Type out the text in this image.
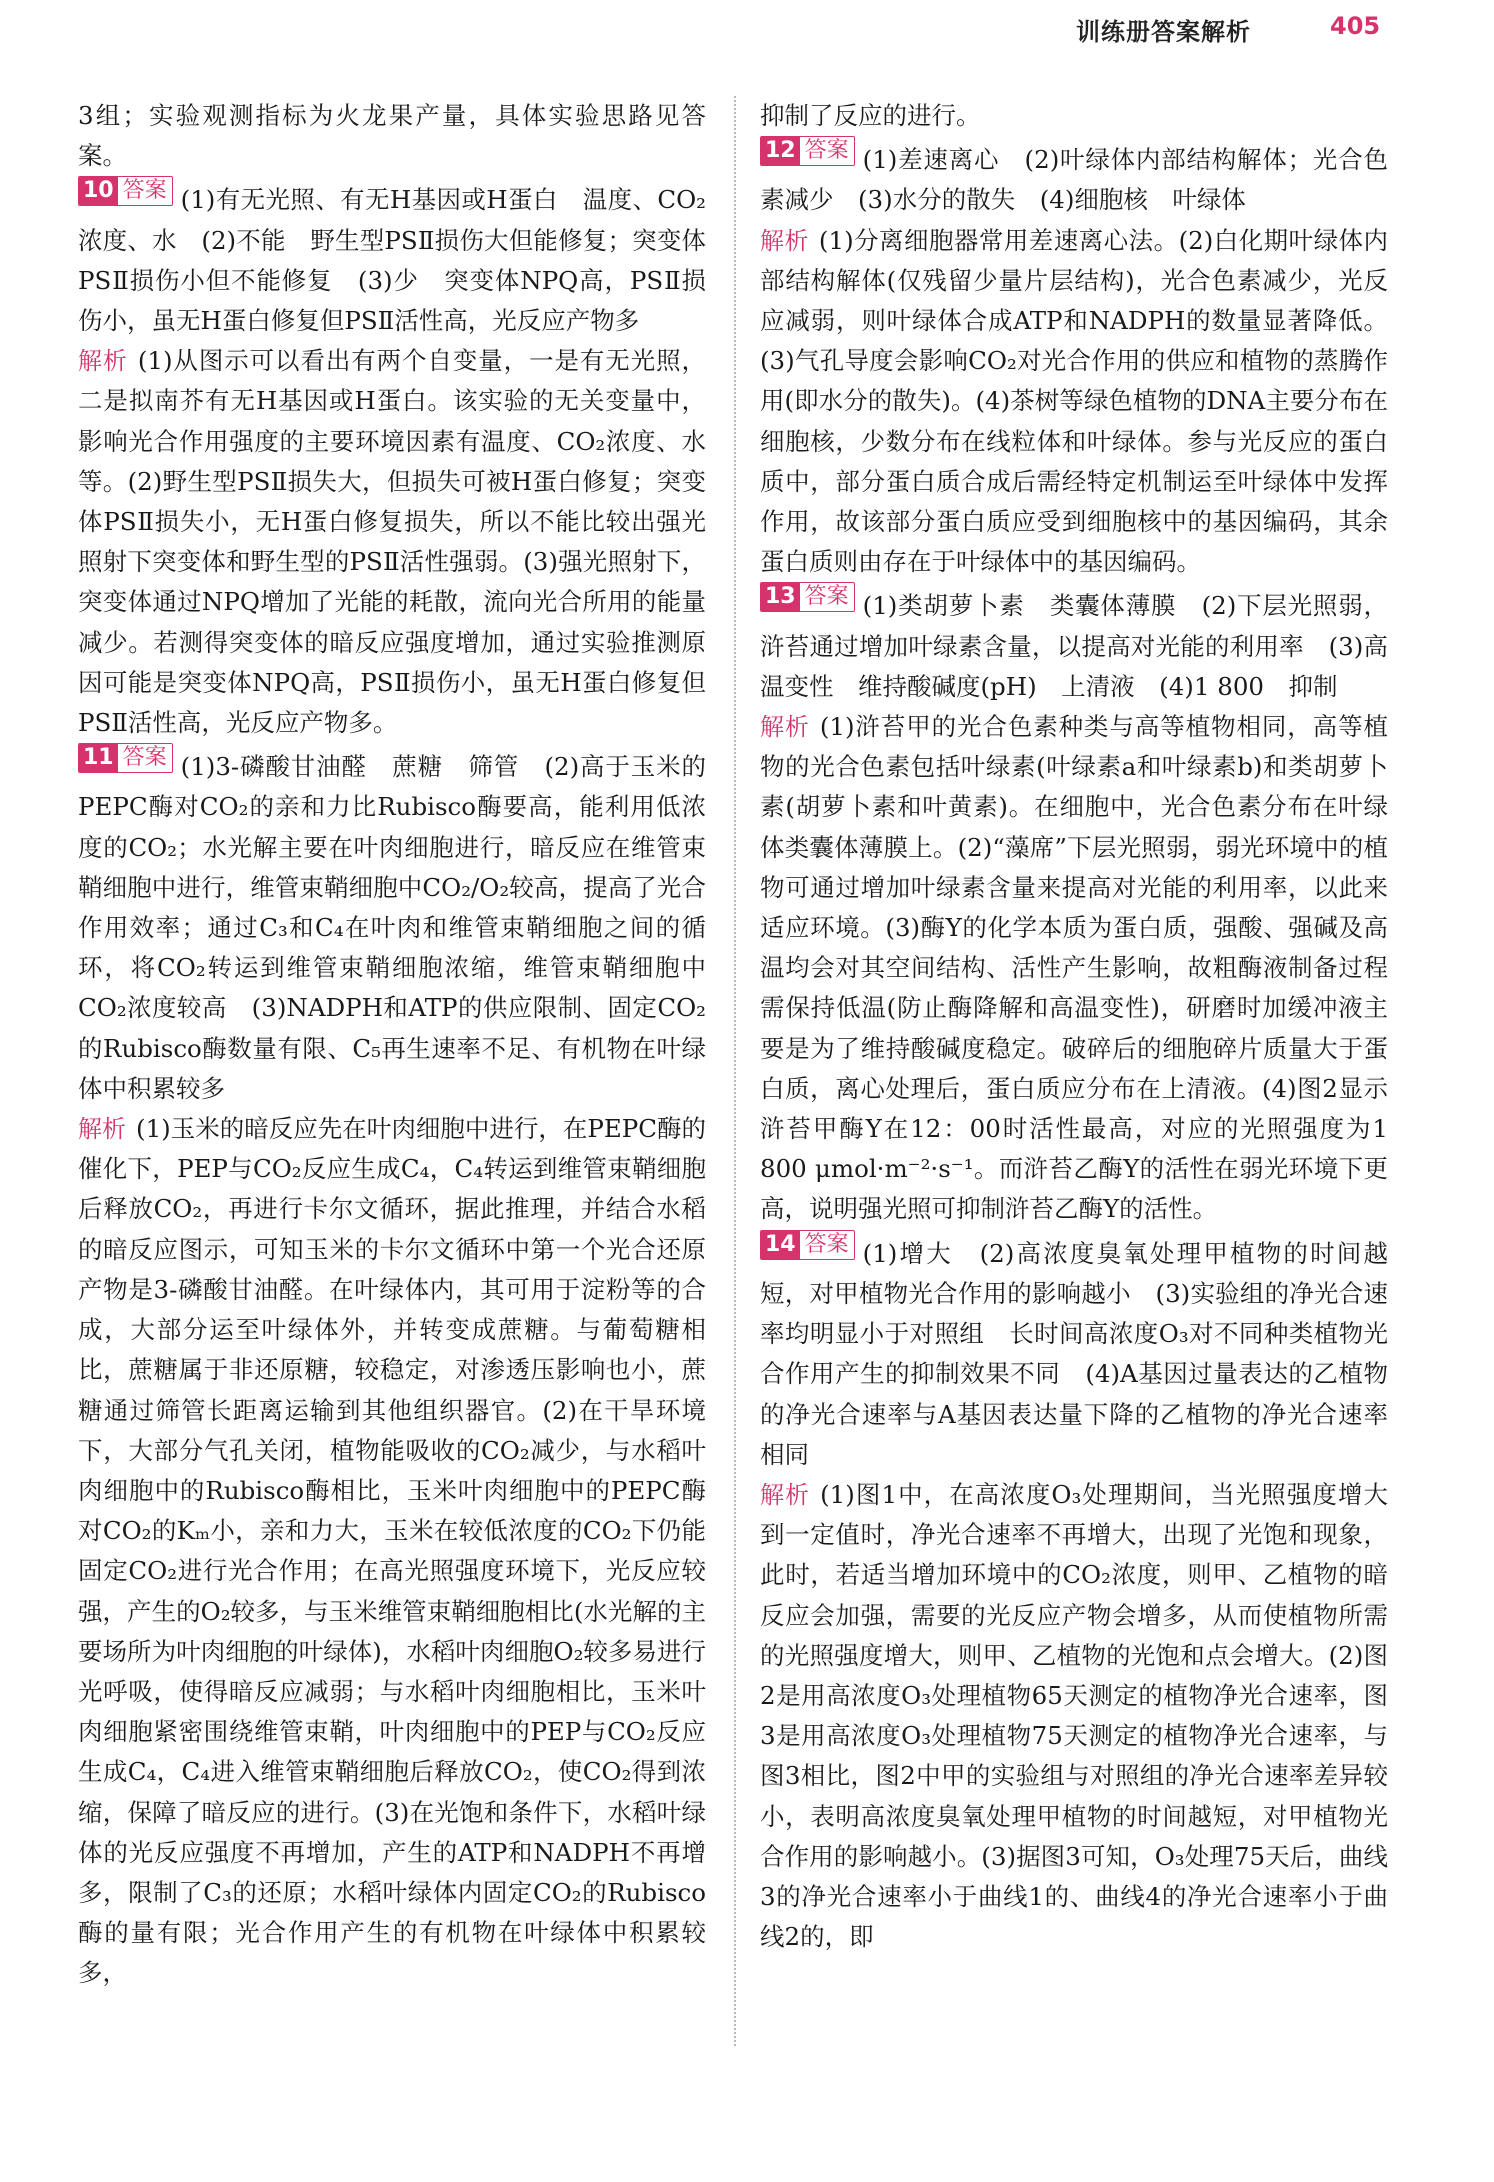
训练册答案解析	405

3组；实验观测指标为火龙果产量，具体实验思路见答案。

10 答案 (1)有无光照、有无H基因或H蛋白　温度、CO₂浓度、水　(2)不能　野生型PSⅡ损伤大但能修复；突变体PSⅡ损伤小但不能修复　(3)少　突变体NPQ高，PSⅡ损伤小，虽无H蛋白修复但PSⅡ活性高，光反应产物多

解析 (1)从图示可以看出有两个自变量，一是有无光照，二是拟南芥有无H基因或H蛋白。该实验的无关变量中，影响光合作用强度的主要环境因素有温度、CO₂浓度、水等。(2)野生型PSⅡ损失大，但损失可被H蛋白修复；突变体PSⅡ损失小，无H蛋白修复损失，所以不能比较出强光照射下突变体和野生型的PSⅡ活性强弱。(3)强光照射下，突变体通过NPQ增加了光能的耗散，流向光合所用的能量减少。若测得突变体的暗反应强度增加，通过实验推测原因可能是突变体NPQ高，PSⅡ损伤小，虽无H蛋白修复但PSⅡ活性高，光反应产物多。

11 答案 (1)3-磷酸甘油醛　蔗糖　筛管　(2)高于玉米的PEPC酶对CO₂的亲和力比Rubisco酶要高，能利用低浓度的CO₂；水光解主要在叶肉细胞进行，暗反应在维管束鞘细胞中进行，维管束鞘细胞中CO₂/O₂较高，提高了光合作用效率；通过C₃和C₄在叶肉和维管束鞘细胞之间的循环，将CO₂转运到维管束鞘细胞浓缩，维管束鞘细胞中CO₂浓度较高　(3)NADPH和ATP的供应限制、固定CO₂的Rubisco酶数量有限、C₅再生速率不足、有机物在叶绿体中积累较多

解析 (1)玉米的暗反应先在叶肉细胞中进行，在PEPC酶的催化下，PEP与CO₂反应生成C₄，C₄转运到维管束鞘细胞后释放CO₂，再进行卡尔文循环，据此推理，并结合水稻的暗反应图示，可知玉米的卡尔文循环中第一个光合还原产物是3-磷酸甘油醛。在叶绿体内，其可用于淀粉等的合成，大部分运至叶绿体外，并转变成蔗糖。与葡萄糖相比，蔗糖属于非还原糖，较稳定，对渗透压影响也小，蔗糖通过筛管长距离运输到其他组织器官。(2)在干旱环境下，大部分气孔关闭，植物能吸收的CO₂减少，与水稻叶肉细胞中的Rubisco酶相比，玉米叶肉细胞中的PEPC酶对CO₂的Kₘ小，亲和力大，玉米在较低浓度的CO₂下仍能固定CO₂进行光合作用；在高光照强度环境下，光反应较强，产生的O₂较多，与玉米维管束鞘细胞相比(水光解的主要场所为叶肉细胞的叶绿体)，水稻叶肉细胞O₂较多易进行光呼吸，使得暗反应减弱；与水稻叶肉细胞相比，玉米叶肉细胞紧密围绕维管束鞘，叶肉细胞中的PEP与CO₂反应生成C₄，C₄进入维管束鞘细胞后释放CO₂，使CO₂得到浓缩，保障了暗反应的进行。(3)在光饱和条件下，水稻叶绿体的光反应强度不再增加，产生的ATP和NADPH不再增多，限制了C₃的还原；水稻叶绿体内固定CO₂的Rubisco酶的量有限；光合作用产生的有机物在叶绿体中积累较多，

抑制了反应的进行。

12 答案 (1)差速离心　(2)叶绿体内部结构解体；光合色素减少　(3)水分的散失　(4)细胞核　叶绿体

解析 (1)分离细胞器常用差速离心法。(2)白化期叶绿体内部结构解体(仅残留少量片层结构)，光合色素减少，光反应减弱，则叶绿体合成ATP和NADPH的数量显著降低。(3)气孔导度会影响CO₂对光合作用的供应和植物的蒸腾作用(即水分的散失)。(4)茶树等绿色植物的DNA主要分布在细胞核，少数分布在线粒体和叶绿体。参与光反应的蛋白质中，部分蛋白质合成后需经特定机制运至叶绿体中发挥作用，故该部分蛋白质应受到细胞核中的基因编码，其余蛋白质则由存在于叶绿体中的基因编码。

13 答案 (1)类胡萝卜素　类囊体薄膜　(2)下层光照弱，浒苔通过增加叶绿素含量，以提高对光能的利用率　(3)高温变性　维持酸碱度(pH)　上清液　(4)1 800　抑制

解析 (1)浒苔甲的光合色素种类与高等植物相同，高等植物的光合色素包括叶绿素(叶绿素a和叶绿素b)和类胡萝卜素(胡萝卜素和叶黄素)。在细胞中，光合色素分布在叶绿体类囊体薄膜上。(2)“藻席”下层光照弱，弱光环境中的植物可通过增加叶绿素含量来提高对光能的利用率，以此来适应环境。(3)酶Y的化学本质为蛋白质，强酸、强碱及高温均会对其空间结构、活性产生影响，故粗酶液制备过程需保持低温(防止酶降解和高温变性)，研磨时加缓冲液主要是为了维持酸碱度稳定。破碎后的细胞碎片质量大于蛋白质，离心处理后，蛋白质应分布在上清液。(4)图2显示浒苔甲酶Y在12：00时活性最高，对应的光照强度为1 800 μmol·m⁻²·s⁻¹。而浒苔乙酶Y的活性在弱光环境下更高，说明强光照可抑制浒苔乙酶Y的活性。

14 答案 (1)增大　(2)高浓度臭氧处理甲植物的时间越短，对甲植物光合作用的影响越小　(3)实验组的净光合速率均明显小于对照组　长时间高浓度O₃对不同种类植物光合作用产生的抑制效果不同　(4)A基因过量表达的乙植物的净光合速率与A基因表达量下降的乙植物的净光合速率相同

解析 (1)图1中，在高浓度O₃处理期间，当光照强度增大到一定值时，净光合速率不再增大，出现了光饱和现象，此时，若适当增加环境中的CO₂浓度，则甲、乙植物的暗反应会加强，需要的光反应产物会增多，从而使植物所需的光照强度增大，则甲、乙植物的光饱和点会增大。(2)图2是用高浓度O₃处理植物65天测定的植物净光合速率，图3是用高浓度O₃处理植物75天测定的植物净光合速率，与图3相比，图2中甲的实验组与对照组的净光合速率差异较小，表明高浓度臭氧处理甲植物的时间越短，对甲植物光合作用的影响越小。(3)据图3可知，O₃处理75天后，曲线3的净光合速率小于曲线1的、曲线4的净光合速率小于曲线2的，即
